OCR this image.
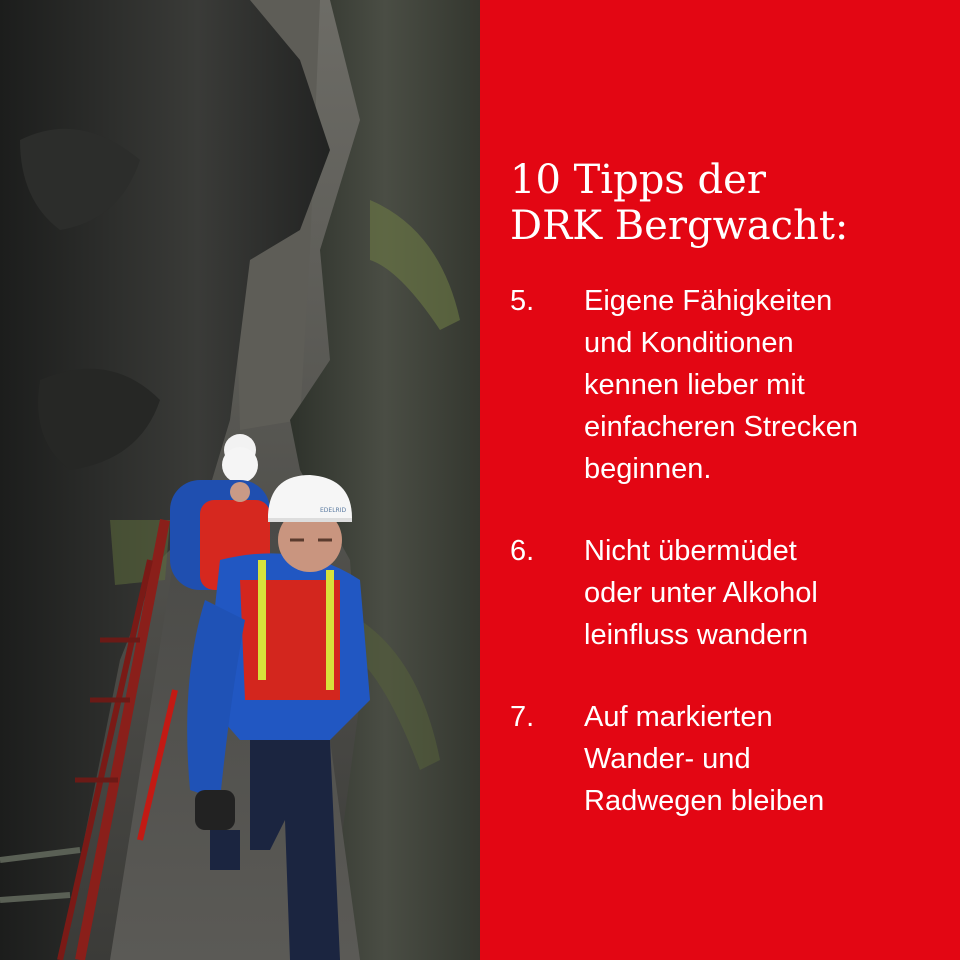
EDELRID
10 Tipps der
DRK Bergwacht:
5.	Eigene Fähigkeiten
und Konditionen
kennen lieber mit
einfacheren Strecken
beginnen.
6.	Nicht übermüdet
oder unter Alkohol
leinfluss wandern
7.	Auf markierten
Wander- und
Radwegen bleiben
